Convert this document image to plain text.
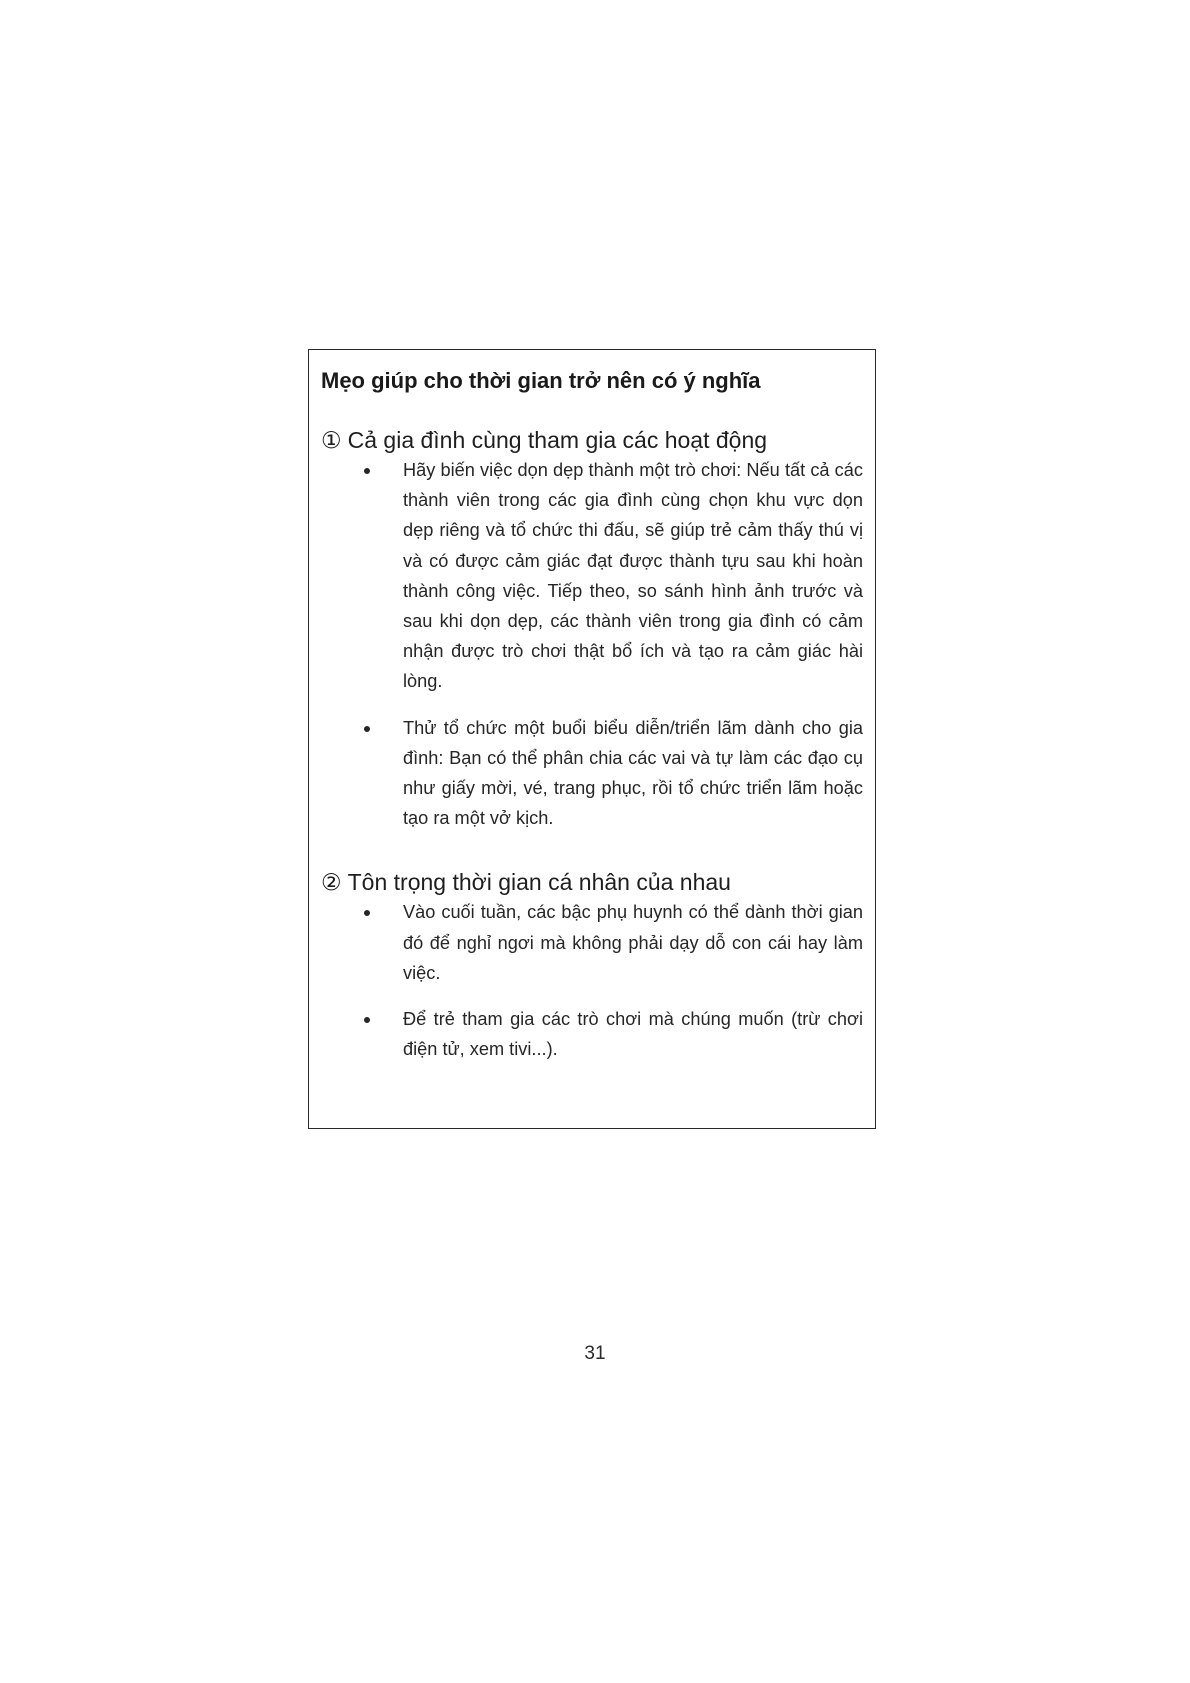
Mẹo giúp cho thời gian trở nên có ý nghĩa
① Cả gia đình cùng tham gia các hoạt động
Hãy biến việc dọn dẹp thành một trò chơi: Nếu tất cả các thành viên trong các gia đình cùng chọn khu vực dọn dẹp riêng và tổ chức thi đấu, sẽ giúp trẻ cảm thấy thú vị và có được cảm giác đạt được thành tựu sau khi hoàn thành công việc. Tiếp theo, so sánh hình ảnh trước và sau khi dọn dẹp, các thành viên trong gia đình có cảm nhận được trò chơi thật bổ ích và tạo ra cảm giác hài lòng.
Thử tổ chức một buổi biểu diễn/triển lãm dành cho gia đình: Bạn có thể phân chia các vai và tự làm các đạo cụ như giấy mời, vé, trang phục, rồi tổ chức triển lãm hoặc tạo ra một vở kịch.
② Tôn trọng thời gian cá nhân của nhau
Vào cuối tuần, các bậc phụ huynh có thể dành thời gian đó để nghỉ ngơi mà không phải dạy dỗ con cái hay làm việc.
Để trẻ tham gia các trò chơi mà chúng muốn (trừ chơi điện tử, xem tivi...).
31
